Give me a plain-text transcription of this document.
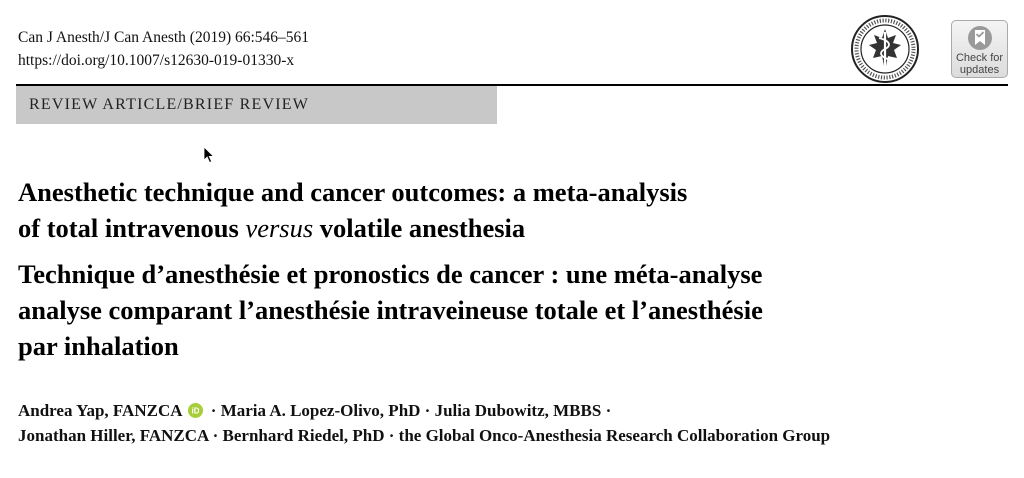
Can J Anesth/J Can Anesth (2019) 66:546–561
https://doi.org/10.1007/s12630-019-01330-x	Check for
updates
REVIEW ARTICLE/BRIEF REVIEW
Anesthetic technique and cancer outcomes: a meta-analysis
of total intravenous versus volatile anesthesia
Technique d’anesthésie et pronostics de cancer : une méta-analyse
analyse comparant l’anesthésie intraveineuse totale et l’anesthésie
par inhalation
Andrea Yap, FANZCA iD · Maria A. Lopez-Olivo, PhD · Julia Dubowitz, MBBS ·
Jonathan Hiller, FANZCA · Bernhard Riedel, PhD · the Global Onco-Anesthesia Research Collaboration Group
